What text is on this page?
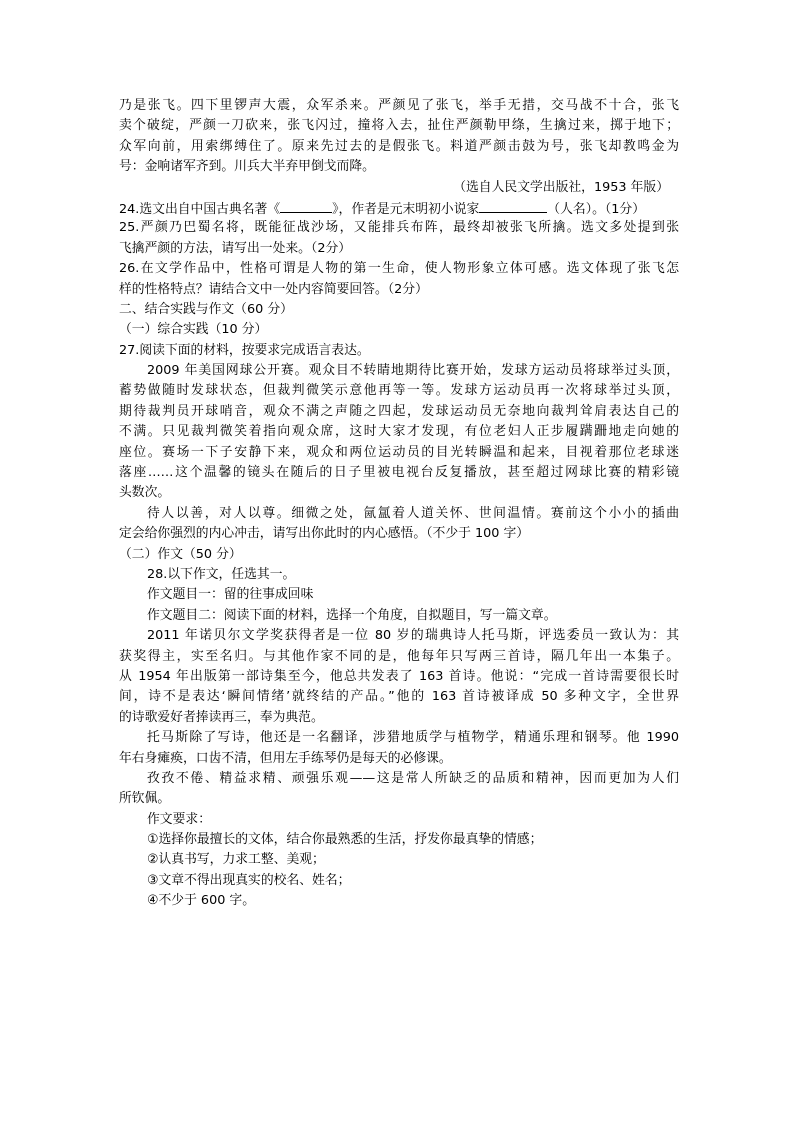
乃是张飞。四下里锣声大震，众军杀来。严颜见了张飞，举手无措，交马战不十合，张飞
卖个破绽，严颜一刀砍来，张飞闪过，撞将入去，扯住严颜勒甲绦，生擒过来，掷于地下；
众军向前，用索绑缚住了。原来先过去的是假张飞。料道严颜击鼓为号，张飞却教鸣金为
号：金响诸军齐到。川兵大半弃甲倒戈而降。
（选自人民文学出版社，1953 年版）
24.选文出自中国古典名著《	》，作者是元末明初小说家	（人名）。（1分）
25.严颜乃巴蜀名将，既能征战沙场，又能排兵布阵，最终却被张飞所擒。选文多处提到张
飞擒严颜的方法，请写出一处来。（2分）
26.在文学作品中，性格可谓是人物的第一生命，使人物形象立体可感。选文体现了张飞怎
样的性格特点？请结合文中一处内容简要回答。（2分）
二、结合实践与作文（60 分）
（一）综合实践（10 分）
27.阅读下面的材料，按要求完成语言表达。
2009 年美国网球公开赛。观众目不转睛地期待比赛开始，发球方运动员将球举过头顶，
蓄势做随时发球状态，但裁判微笑示意他再等一等。发球方运动员再一次将球举过头顶，
期待裁判员开球哨音，观众不满之声随之四起，发球运动员无奈地向裁判耸肩表达自己的
不满。只见裁判微笑着指向观众席，这时大家才发现，有位老妇人正步履蹒跚地走向她的
座位。赛场一下子安静下来，观众和两位运动员的目光转瞬温和起来，目视着那位老球迷
落座……这个温馨的镜头在随后的日子里被电视台反复播放，甚至超过网球比赛的精彩镜
头数次。
待人以善，对人以尊。细微之处，氤氲着人道关怀、世间温情。赛前这个小小的插曲
定会给你强烈的内心冲击，请写出你此时的内心感悟。（不少于 100 字）
（二）作文（50 分）
28.以下作文，任选其一。
作文题目一：留的往事成回味
作文题目二：阅读下面的材料，选择一个角度，自拟题目，写一篇文章。
2011 年诺贝尔文学奖获得者是一位 80 岁的瑞典诗人托马斯，评选委员一致认为：其
获奖得主，实至名归。与其他作家不同的是，他每年只写两三首诗，隔几年出一本集子。
从 1954 年出版第一部诗集至今，他总共发表了 163 首诗。他说：“完成一首诗需要很长时
间，诗不是表达‘瞬间情绪’就终结的产品。”他的 163 首诗被译成 50 多种文字，全世界
的诗歌爱好者捧读再三，奉为典范。
托马斯除了写诗，他还是一名翻译，涉猎地质学与植物学，精通乐理和钢琴。他 1990
年右身瘫痪，口齿不清，但用左手练琴仍是每天的必修课。
孜孜不倦、精益求精、顽强乐观——这是常人所缺乏的品质和精神，因而更加为人们
所钦佩。
作文要求：
①选择你最擅长的文体，结合你最熟悉的生活，抒发你最真挚的情感；
②认真书写，力求工整、美观；
③文章不得出现真实的校名、姓名；
④不少于 600 字。
